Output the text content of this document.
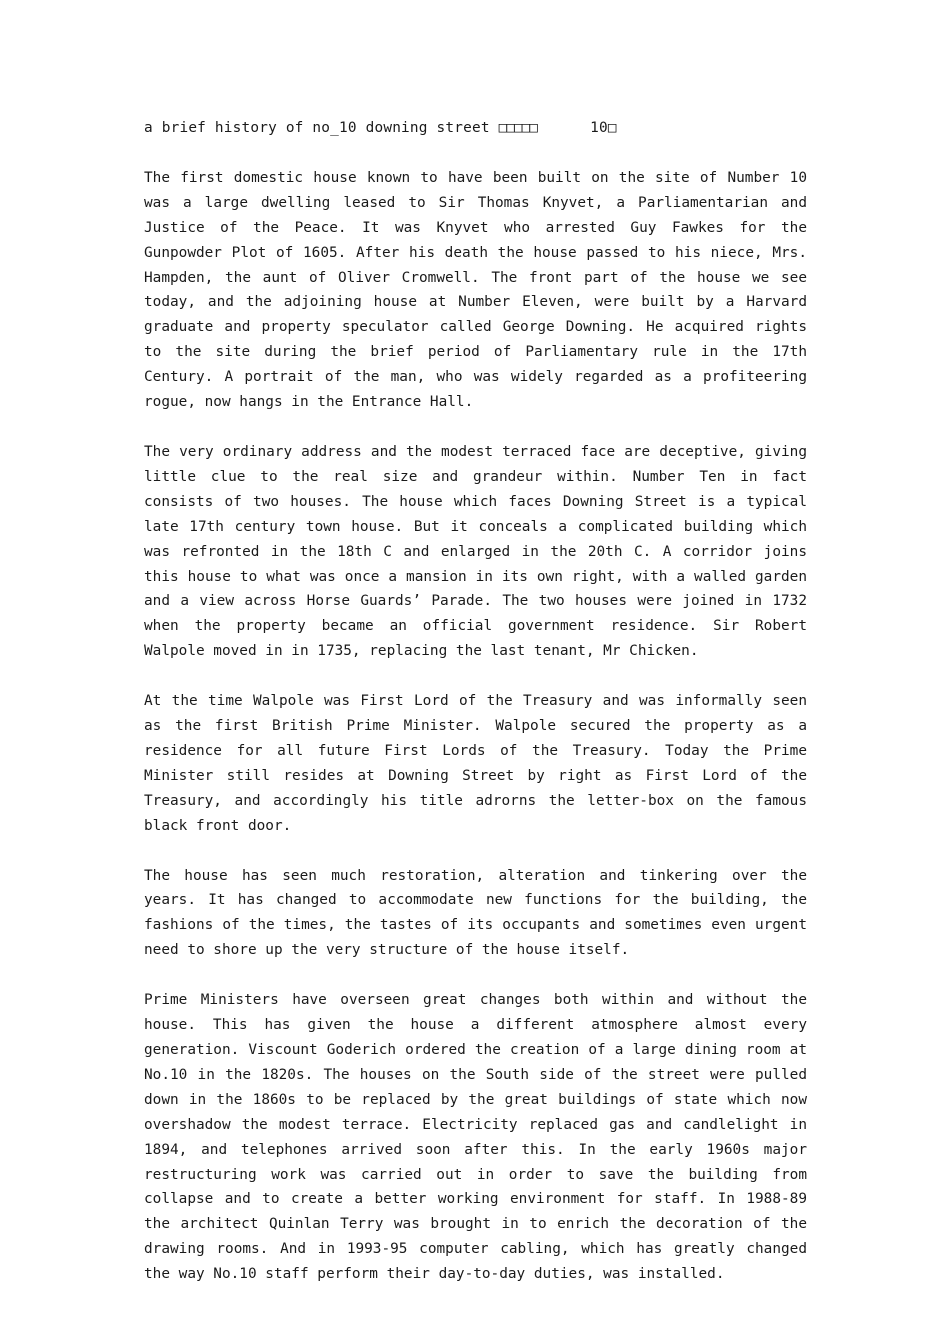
a brief history of no_10 downing street □□□□□	10□

The first domestic house known to have been built on the site of Number 10 was a large dwelling leased to Sir Thomas Knyvet, a Parliamentarian and Justice of the Peace. It was Knyvet who arrested Guy Fawkes for the Gunpowder Plot of 1605. After his death the house passed to his niece, Mrs. Hampden, the aunt of Oliver Cromwell. The front part of the house we see today, and the adjoining house at Number Eleven, were built by a Harvard graduate and property speculator called George Downing. He acquired rights to the site during the brief period of Parliamentary rule in the 17th Century. A portrait of the man, who was widely regarded as a profiteering rogue, now hangs in the Entrance Hall.

The very ordinary address and the modest terraced face are deceptive, giving little clue to the real size and grandeur within. Number Ten in fact consists of two houses. The house which faces Downing Street is a typical late 17th century town house. But it conceals a complicated building which was refronted in the 18th C and enlarged in the 20th C. A corridor joins this house to what was once a mansion in its own right, with a walled garden and a view across Horse Guards’ Parade. The two houses were joined in 1732 when the property became an official government residence. Sir Robert Walpole moved in in 1735, replacing the last tenant, Mr Chicken.

At the time Walpole was First Lord of the Treasury and was informally seen as the first British Prime Minister. Walpole secured the property as a residence for all future First Lords of the Treasury. Today the Prime Minister still resides at Downing Street by right as First Lord of the Treasury, and accordingly his title adrorns the letter-box on the famous black front door.

The house has seen much restoration, alteration and tinkering over the years. It has changed to accommodate new functions for the building, the fashions of the times, the tastes of its occupants and sometimes even urgent need to shore up the very structure of the house itself.

Prime Ministers have overseen great changes both within and without the house. This has given the house a different atmosphere almost every generation. Viscount Goderich ordered the creation of a large dining room at No.10 in the 1820s. The houses on the South side of the street were pulled down in the 1860s to be replaced by the great buildings of state which now overshadow the modest terrace. Electricity replaced gas and candlelight in 1894, and telephones arrived soon after this. In the early 1960s major restructuring work was carried out in order to save the building from collapse and to create a better working environment for staff. In 1988-89 the architect Quinlan Terry was brought in to enrich the decoration of the drawing rooms. And in 1993-95 computer cabling, which has greatly changed the way No.10 staff perform their day-to-day duties, was installed.
